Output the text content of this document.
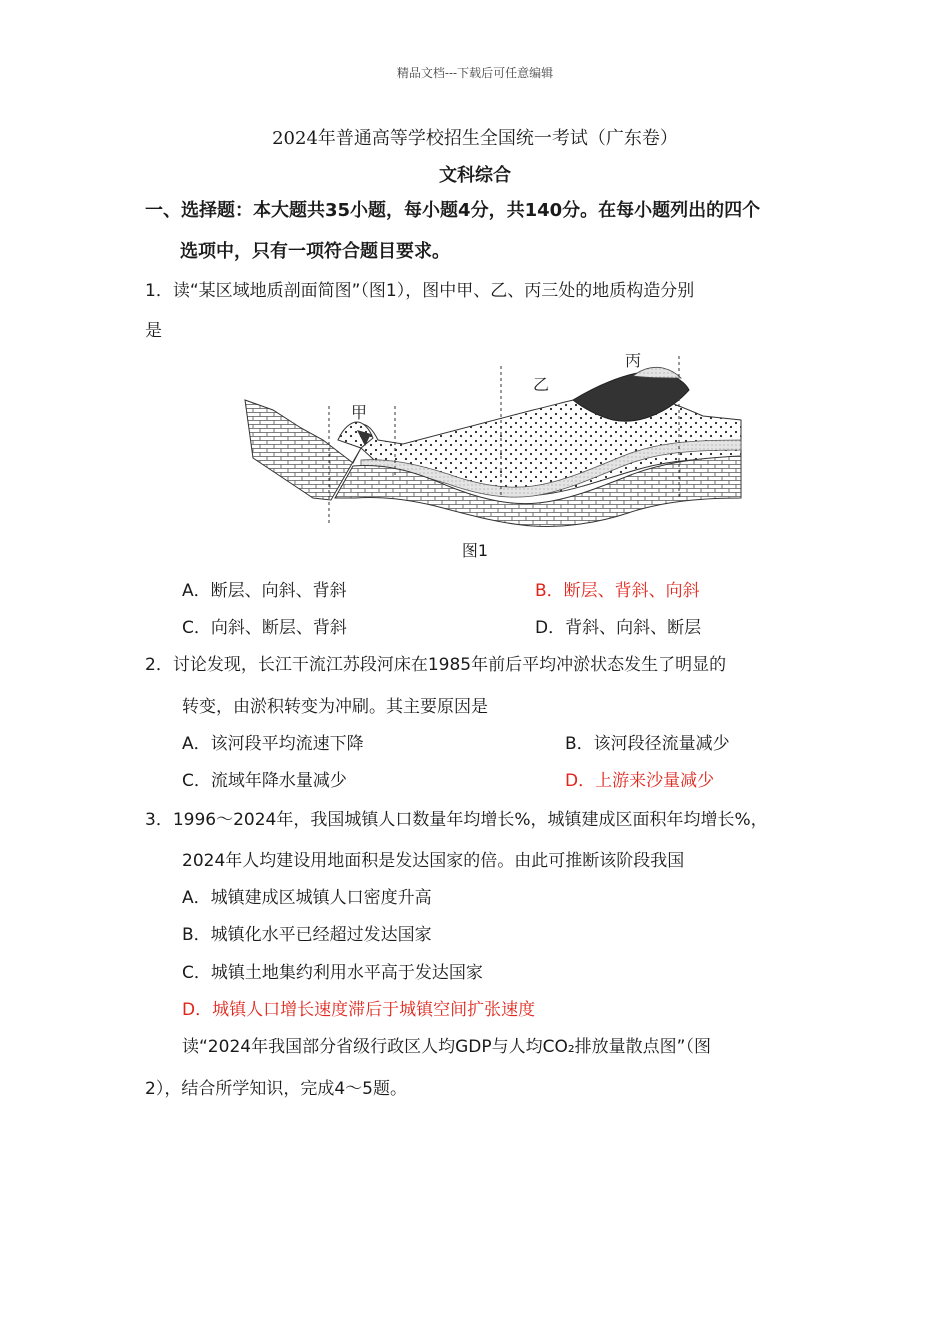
精品文档---下载后可任意编辑
2024年普通高等学校招生全国统一考试（广东卷）
文科综合
一、选择题：本大题共35小题，每小题4分，共140分。在每小题列出的四个
选项中，只有一项符合题目要求。
1．读“某区域地质剖面简图”（图1），图中甲、乙、丙三处的地质构造分别
是
甲
乙
丙
图1
A．断层、向斜、背斜	B．断层、背斜、向斜
C．向斜、断层、背斜	D．背斜、向斜、断层
2．讨论发现，长江干流江苏段河床在1985年前后平均冲淤状态发生了明显的
转变，由淤积转变为冲刷。其主要原因是
A．该河段平均流速下降	B．该河段径流量减少
C．流域年降水量减少	D．上游来沙量减少
3．1996～2024年，我国城镇人口数量年均增长%，城镇建成区面积年均增长%，
2024年人均建设用地面积是发达国家的倍。由此可推断该阶段我国
A．城镇建成区城镇人口密度升高
B．城镇化水平已经超过发达国家
C．城镇土地集约利用水平高于发达国家
D．城镇人口增长速度滞后于城镇空间扩张速度
读“2024年我国部分省级行政区人均GDP与人均CO₂排放量散点图”（图
2），结合所学知识，完成4～5题。
